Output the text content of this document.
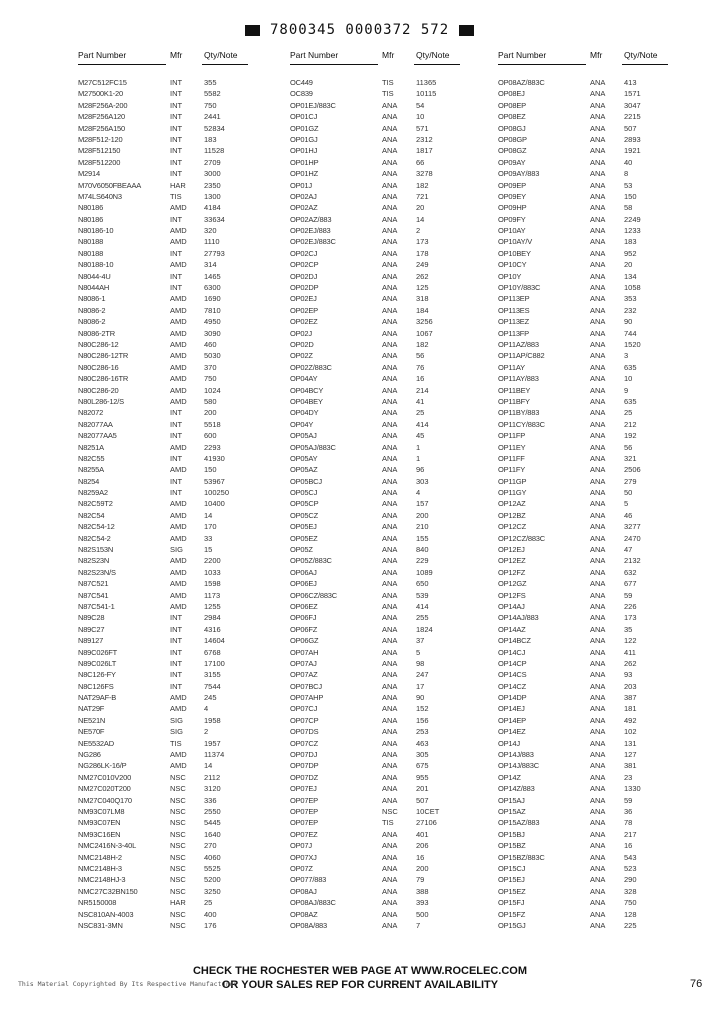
7800345 0000372 572
Part Number	Mfr	Qty/Note
M27C512FC15	INT	355
M27500K1-20	INT	5582
M28F256A-200	INT	750
M28F256A120	INT	2441
M28F256A150	INT	52834
M28F512-120	INT	183
M28F512150	INT	11528
M28F512200	INT	2709
M2914	INT	3000
M70V6050FBEAAA	HAR 2350
M74LS640N3	TIS	1300
N80186	AMD 4184
N80186	INT	33634
N80186-10	AMD 320
N80188	AMD 1110
N80188	INT	27793
N80188-10	AMD 314
N8044-4U	INT	1465
N8044AH	INT	6300
N8086-1	AMD 1690
N8086-2	AMD 7810
N8086-2	AMD 4950
N8086-2TR	AMD 3090
N80C286-12	AMD 460
N80C286-12TR	AMD 5030
N80C286-16	AMD 370
N80C286-16TR	AMD 750
N80C286-20	AMD 1024
N80L286-12/S	AMD 580
N82072	INT	200
N82077AA	INT	5518
N82077AA5	INT	600
N8251A	AMD 2293
N82C55	INT	41930
N8255A	AMD 150
N8254	INT	53967
N8259A2	INT	100250
N82C59T2	AMD 10400
N82C54	AMD 14
N82C54-12	AMD 170
N82C54-2	AMD 33
N82S153N	SIG	15
N82S23N	AMD 2200
N82S23N/S	AMD 1033
N87C521	AMD 1598
N87C541	AMD 1173
N87C541-1	AMD 1255
N89C28	INT	2984
N89C27	INT	4316
N89127	INT	14604
N89C026FT	INT	6768
N89C026LT	INT	17100
N8C126-FY	INT	3155
N8C126FS	INT	7544
NAT29AF-B	AMD 245
NAT29F	AMD 4
NE521N	SIG	1958
NE570F	SIG	2
NE5532AD	TIS	1957
NG286	AMD 11374
NG286LK-16/P	AMD 14
NM27C010V200	NSC 2112
NM27C020T200	NSC 3120
NM27C040Q170	NSC 336
NM93C07LM8	NSC 2550
NM93C07EN	NSC 5445
NM93C16EN	NSC 1640
NMC2416N-3-40L	NSC 270
NMC2148H-2	NSC 4060
NMC2148H-3	NSC 5525
NMC2148HJ-3	NSC 5200
NMC27C32BN150	NSC 3250
NR5150008	HAR 25
NSC810AN-4003	NSC 400
NSC831-3MN	NSC 176
Part Number	Mfr	Qty/Note
OC449	TIS	11365
OC839	TIS	10115
OP01EJ/883C	ANA 54
OP01CJ	ANA 10
OP01GZ	ANA 571
OP01GJ	ANA 2312
OP01HJ	ANA 1817
OP01HP	ANA 66
OP01HZ	ANA 3278
OP01J	ANA 182
OP02AJ	ANA 721
OP02AZ	ANA 20
OP02AZ/883	ANA 14
OP02EJ/883	ANA 2
OP02EJ/883C	ANA 173
OP02CJ	ANA 178
OP02CP	ANA 249
OP02DJ	ANA 262
OP02DP	ANA 125
OP02EJ	ANA 318
OP02EP	ANA 184
OP02EZ	ANA 3256
OP02J	ANA 1067
OP02D	ANA 182
OP02Z	ANA 56
OP02Z/883C	ANA 76
OP04AY	ANA 16
OP04BCY	ANA 214
OP04BEY	ANA 41
OP04DY	ANA 25
OP04Y	ANA 414
OP05AJ	ANA 45
OP05AJ/883C	ANA 1
OP05AY	ANA 1
OP05AZ	ANA 96
OP05BCJ	ANA 303
OP05CJ	ANA 4
OP05CP	ANA 157
OP05CZ	ANA 200
OP05EJ	ANA 210
OP05EZ	ANA 155
OP05Z	ANA 840
OP05Z/883C	ANA 229
OP06AJ	ANA 1089
OP06EJ	ANA 650
OP06CZ/883C	ANA 539
OP06EZ	ANA 414
OP06FJ	ANA 255
OP06FZ	ANA 1824
OP06GZ	ANA 37
OP07AH	ANA 5
OP07AJ	ANA 98
OP07AZ	ANA 247
OP07BCJ	ANA 17
OP07AHP	ANA 90
OP07CJ	ANA 152
OP07CP	ANA 156
OP07DS	ANA 253
OP07CZ	ANA 463
OP07DJ	ANA 305
OP07DP	ANA 675
OP07DZ	ANA 955
OP07EJ	ANA 201
OP07EP	ANA 507
OP07EP	NSC 10CET
OP07EP	TIS	27106
OP07EZ	ANA 401
OP07J	ANA 206
OP07XJ	ANA 16
OP07Z	ANA 200
OP077/883	ANA 79
OP08AJ	ANA 388
OP08AJ/883C	ANA 393
OP08AZ	ANA 500
OP08A/883	ANA 7
Part Number	Mfr	Qty/Note
OP08AZ/883C	ANA 413
OP08EJ	ANA 1571
OP08EP	ANA 3047
OP08EZ	ANA 2215
OP08GJ	ANA 507
OP08GP	ANA 2893
OP08GZ	ANA 1921
OP09AY	ANA 40
OP09AY/883	ANA 8
OP09EP	ANA 53
OP09EY	ANA 150
OP09HP	ANA 58
OP09FY	ANA 2249
OP10AY	ANA 1233
OP10AY/V	ANA 183
OP10BEY	ANA 952
OP10CY	ANA 20
OP10Y	ANA 134
OP10Y/883C	ANA 1058
OP113EP	ANA 353
OP113ES	ANA 232
OP113EZ	ANA 90
OP113FP	ANA 744
OP11AZ/883	ANA 1520
OP11AP/C882	ANA 3
OP11AY	ANA 635
OP11AY/883	ANA 10
OP11BEY	ANA 9
OP11BFY	ANA 635
OP11BY/883	ANA 25
OP11CY/883C	ANA 212
OP11FP	ANA 192
OP11EY	ANA 56
OP11FF	ANA 321
OP11FY	ANA 2506
OP11GP	ANA 279
OP11GY	ANA 50
OP12AZ	ANA 5
OP12BZ	ANA 46
OP12CZ	ANA 3277
OP12CZ/883C	ANA 2470
OP12EJ	ANA 47
OP12EZ	ANA 2132
OP12FZ	ANA 632
OP12GZ	ANA 677
OP12FS	ANA 59
OP14AJ	ANA 226
OP14AJ/883	ANA 173
OP14AZ	ANA 35
OP14BCZ	ANA 122
OP14CJ	ANA 411
OP14CP	ANA 262
OP14CS	ANA 93
OP14CZ	ANA 203
OP14DP	ANA 387
OP14EJ	ANA 181
OP14EP	ANA 492
OP14EZ	ANA 102
OP14J	ANA 131
OP14J/883	ANA 127
OP14J/883C	ANA 381
OP14Z	ANA 23
OP14Z/883	ANA 1330
OP15AJ	ANA 59
OP15AZ	ANA 36
OP15AZ/883	ANA 78
OP15BJ	ANA 217
OP15BZ	ANA 16
OP15BZ/883C	ANA 543
OP15CJ	ANA 523
OP15EJ	ANA 290
OP15EZ	ANA 328
OP15FJ	ANA 750
OP15FZ	ANA 128
OP15GJ	ANA 225
CHECK THE ROCHESTER WEB PAGE AT WWW.ROCELEC.COM
OR YOUR SALES REP FOR CURRENT AVAILABILITY
This Material Copyrighted By Its Respective Manufacturer	76
